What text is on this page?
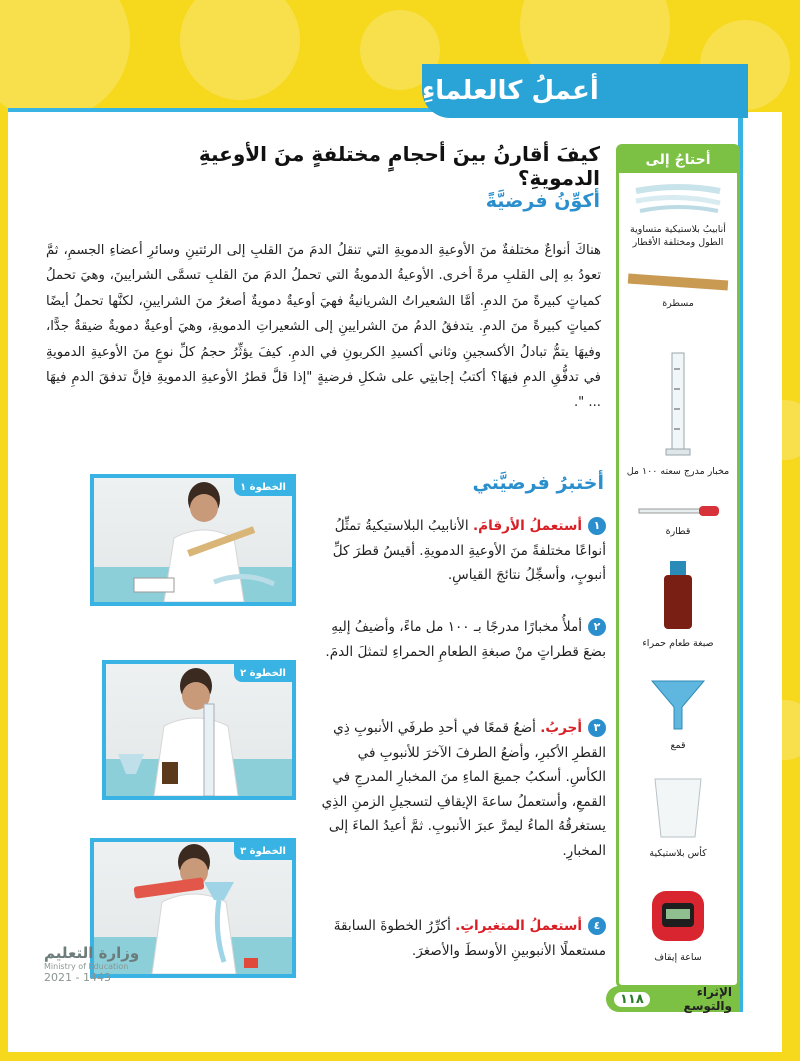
أعملُ كالعلماءِ
كيفَ أقارنُ بينَ أحجامٍ مختلفةٍ منَ الأوعيةِ الدمويةِ؟
أكوِّنُ فرضيَّةً
هناكَ أنواعٌ مختلفةٌ منَ الأوعيةِ الدمويةِ التي تنقلُ الدمَ منَ القلبِ إلى الرئتينِ وسائرِ أعضاءِ الجسمِ، ثمَّ تعودُ بهِ إلى القلبِ مرةً أخرى. الأوعيةُ الدمويةُ التي تحملُ الدمَ منَ القلبِ تسمَّى الشرايينَ، وهيَ تحملُ كمياتٍ كبيرةً منَ الدمِ. أمَّا الشعيراتُ الشريانيةُ فهيَ أوعيةٌ دمويةٌ أصغرُ منَ الشرايينِ، لكنَّها تحملُ أيضًا كمياتٍ كبيرةً منَ الدمِ. يتدفقُ الدمُ منَ الشرايينِ إلى الشعيراتِ الدمويةِ، وهيَ أوعيةٌ دمويةٌ ضيقةٌ جدًّا، وفيهَا يتمُّ تبادلُ الأكسجينِ وثاني أكسيدِ الكربونِ في الدمِ. كيفَ يؤثِّرُ حجمُ كلِّ نوعٍ منَ الأوعيةِ الدمويةِ في تدفُّقِ الدمِ فيهَا؟ أكتبُ إجابتِي على شكلِ فرضيةٍ "إذا قلَّ قطرُ الأوعيةِ الدمويةِ فإنَّ تدفقَ الدمِ فيهَا ... ".
أختبرُ فرضيَّتي
١أستعملُ الأرقامَ. الأنابيبُ البلاستيكيةُ تمثِّلُ أنواعًا مختلفةً منَ الأوعيةِ الدمويةِ. أقيسُ قطرَ كلِّ أنبوبٍ، وأسجِّلُ نتائجَ القياسِ.
٢أملأُ مخبارًا مدرجًا بـ ١٠٠ مل ماءً، وأضيفُ إليهِ بضعَ قطراتٍ منْ صبغةِ الطعامِ الحمراءِ لتمثلَ الدمَ.
٣أجربُ. أضعُ قمعًا في أحدِ طرفَي الأنبوبِ ذِي القطرِ الأكبرِ، وأضعُ الطرفَ الآخرَ للأنبوبِ في الكأسِ. أسكبُ جميعَ الماءِ منَ المخبارِ المدرجِ في القمعِ، وأستعملُ ساعةَ الإيقافِ لتسجيلِ الزمنِ الذِي يستغرقُهُ الماءُ ليمرَّ عبرَ الأنبوبِ. ثمَّ أعيدُ الماءَ إلى المخبارِ.
٤أستعملُ المتغيراتِ. أكرِّرُ الخطوةَ السابقةَ مستعملًا الأنبوبينِ الأوسطَ والأصغرَ.
الخطوة ١
الخطوة ٢
الخطوة ٣
أحتاجُ إلى
أنابيبُ بلاستيكية متساوية الطول ومختلفة الأقطار
مسطرة
مخبار مدرج سعته ١٠٠ مل
قطارة
صبغة طعام حمراء
قمع
كأس بلاستيكية
ساعة إيقاف
الإثراء والتوسع
١١٨
وزارة التعليم
Ministry of Education
2021 - 1443
